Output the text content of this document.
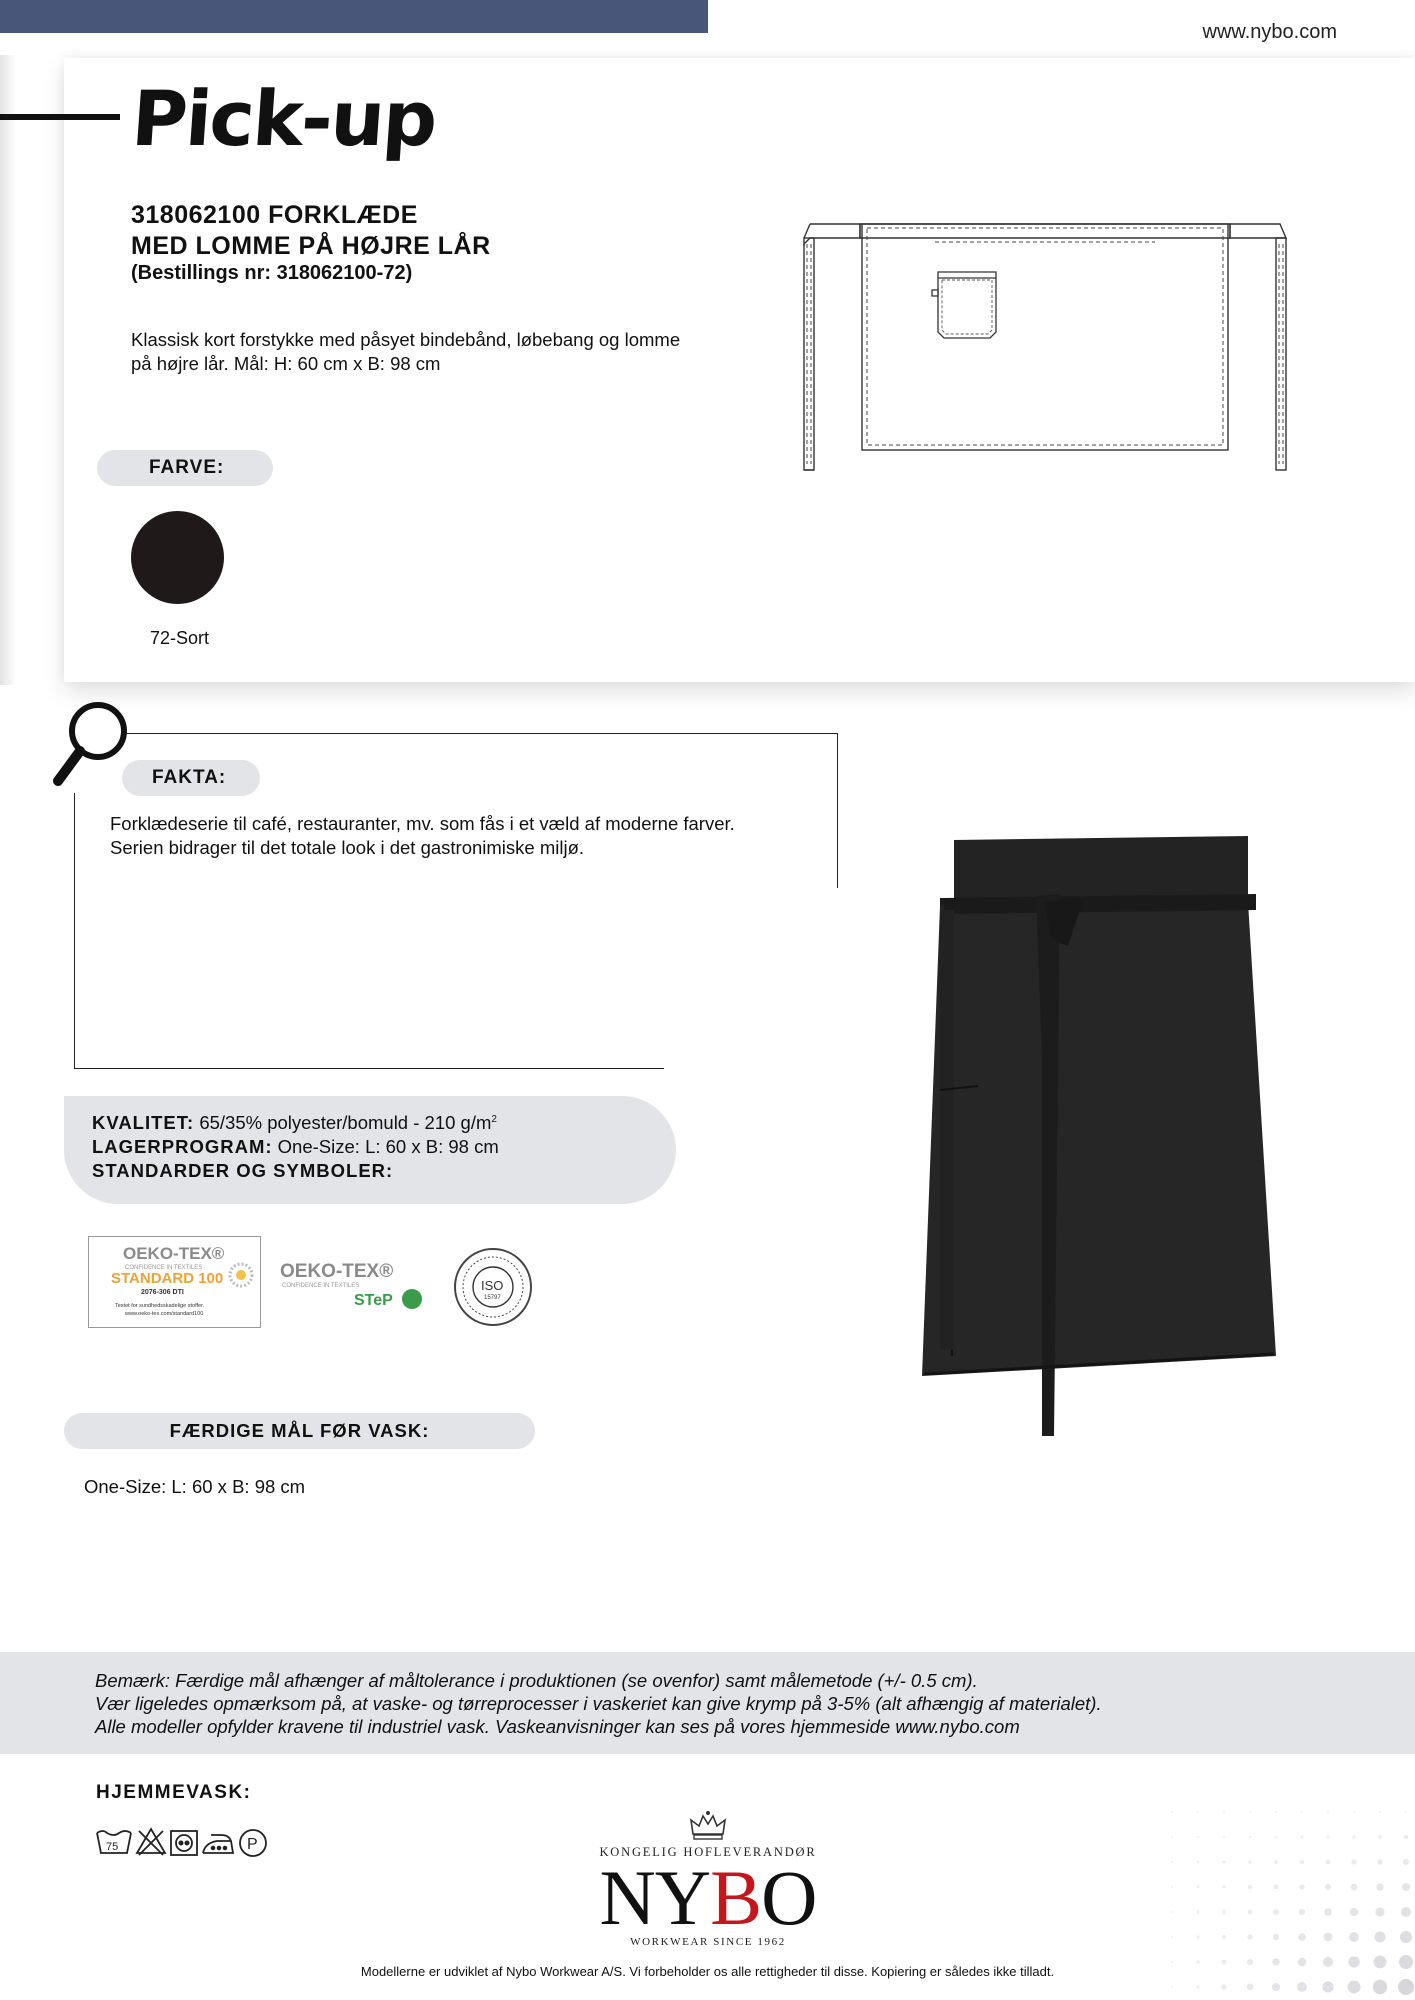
www.nybo.com
Pick-up
318062100 FORKLÆDE
MED LOMME PÅ HØJRE LÅR
(Bestillings nr: 318062100-72)
Klassisk kort forstykke med påsyet bindebånd, løbebang og lomme
på højre lår. Mål: H: 60 cm x B: 98 cm
FARVE:
72-Sort
FAKTA:
Forklædeserie til café, restauranter, mv. som fås i et væld af moderne farver.
Serien bidrager til det totale look i det gastronimiske miljø.
KVALITET: 65/35% polyester/bomuld - 210 $g/m^2$
LAGERPROGRAM: One-Size: L: 60 x B: 98 cm
STANDARDER OG SYMBOLER:
OEKO-TEX®
CONFIDENCE IN TEXTILES
STANDARD 100
2076-306 DTI
Testet for sundhedsskadelige stoffer.
www.oeko-tex.com/standard100
OEKO-TEX®
CONFIDENCE IN TEXTILES
STeP
ISO
15797
FÆRDIGE MÅL FØR VASK:
One-Size: L: 60 x B: 98 cm
Bemærk: Færdige mål afhænger af måltolerance i produktionen (se ovenfor) samt målemetode (+/- 0.5 cm).
Vær ligeledes opmærksom på, at vaske- og tørreprocesser i vaskeriet kan give krymp på 3-5% (alt afhængig af materialet).
Alle modeller opfylder kravene til industriel vask. Vaskeanvisninger kan ses på vores hjemmeside www.nybo.com
HJEMMEVASK:
75	P	KONGELIG HOFLEVERANDØR
NYBO
WORKWEAR SINCE 1962
Modellerne er udviklet af Nybo Workwear A/S. Vi forbeholder os alle rettigheder til disse. Kopiering er således ikke tilladt.
